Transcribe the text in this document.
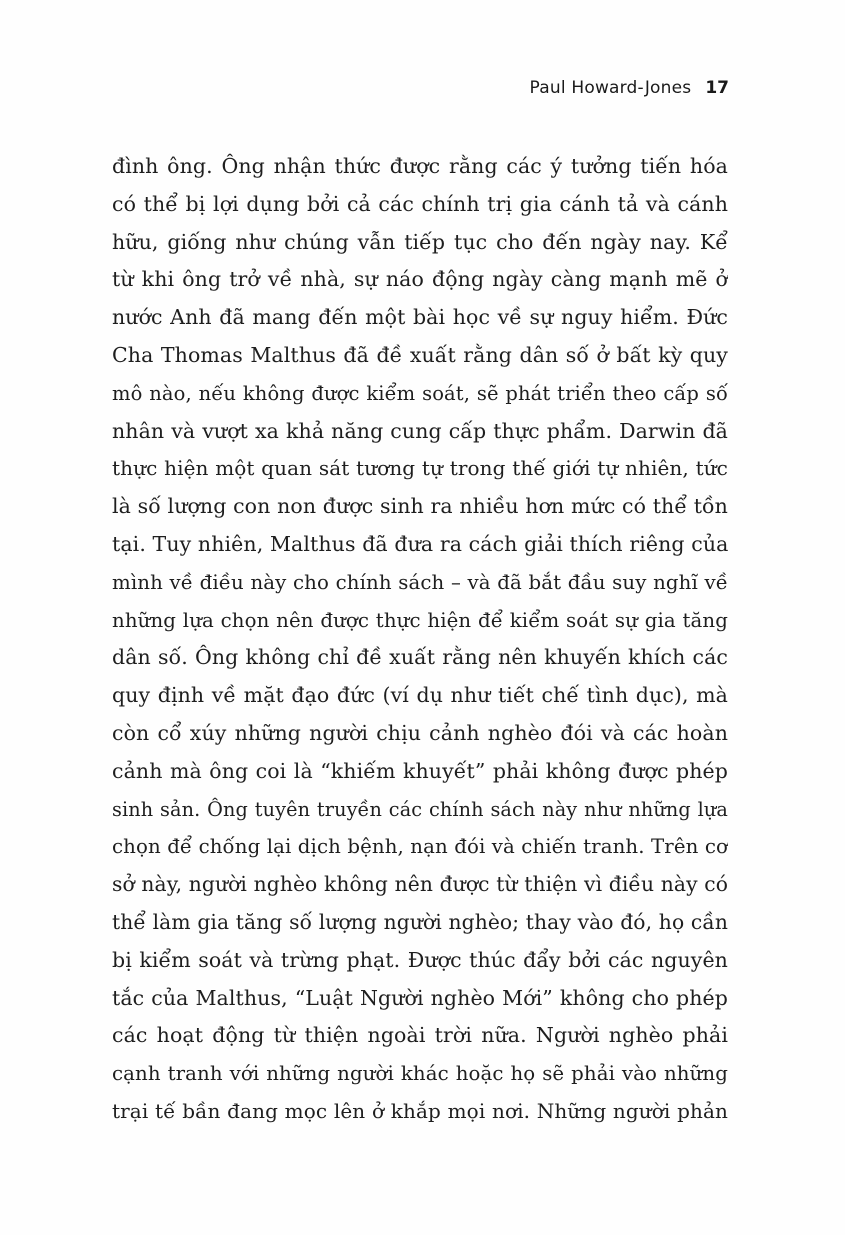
Paul Howard-Jones 17
đình ông. Ông nhận thức được rằng các ý tưởng tiến hóa
có thể bị lợi dụng bởi cả các chính trị gia cánh tả và cánh
hữu, giống như chúng vẫn tiếp tục cho đến ngày nay. Kể
từ khi ông trở về nhà, sự náo động ngày càng mạnh mẽ ở
nước Anh đã mang đến một bài học về sự nguy hiểm. Đức
Cha Thomas Malthus đã đề xuất rằng dân số ở bất kỳ quy
mô nào, nếu không được kiểm soát, sẽ phát triển theo cấp số
nhân và vượt xa khả năng cung cấp thực phẩm. Darwin đã
thực hiện một quan sát tương tự trong thế giới tự nhiên, tức
là số lượng con non được sinh ra nhiều hơn mức có thể tồn
tại. Tuy nhiên, Malthus đã đưa ra cách giải thích riêng của
mình về điều này cho chính sách – và đã bắt đầu suy nghĩ về
những lựa chọn nên được thực hiện để kiểm soát sự gia tăng
dân số. Ông không chỉ đề xuất rằng nên khuyến khích các
quy định về mặt đạo đức (ví dụ như tiết chế tình dục), mà
còn cổ xúy những người chịu cảnh nghèo đói và các hoàn
cảnh mà ông coi là “khiếm khuyết” phải không được phép
sinh sản. Ông tuyên truyền các chính sách này như những lựa
chọn để chống lại dịch bệnh, nạn đói và chiến tranh. Trên cơ
sở này, người nghèo không nên được từ thiện vì điều này có
thể làm gia tăng số lượng người nghèo; thay vào đó, họ cần
bị kiểm soát và trừng phạt. Được thúc đẩy bởi các nguyên
tắc của Malthus, “Luật Người nghèo Mới” không cho phép
các hoạt động từ thiện ngoài trời nữa. Người nghèo phải
cạnh tranh với những người khác hoặc họ sẽ phải vào những
trại tế bần đang mọc lên ở khắp mọi nơi. Những người phản
